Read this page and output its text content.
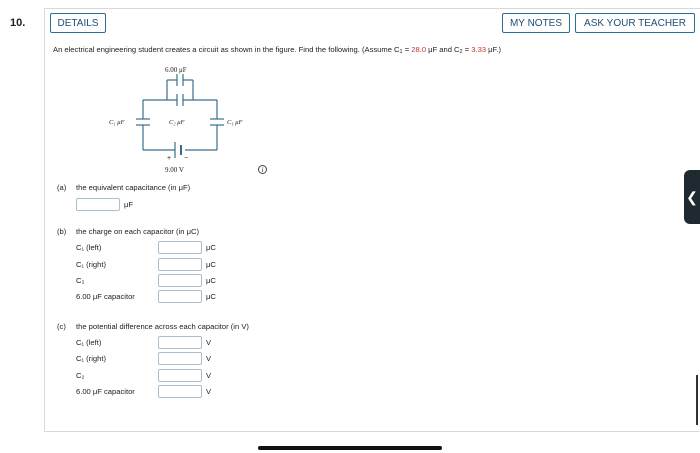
10.	DETAILS	MY NOTES	ASK YOUR TEACHER
An electrical engineering student creates a circuit as shown in the figure. Find the following. (Assume C1 = 28.0 μF and C2 = 3.33 μF.)
6.00 μF
C₁ μF	C₂ μF	C₁ μF
+ −
9.00 V	i
(a) the equivalent capacitance (in μF)
μF
(b) the charge on each capacitor (in μC)
C₁ (left)	μC
C₁ (right)	μC
C₂	μC
6.00 μF capacitor	μC
(c) the potential difference across each capacitor (in V)
C₁ (left)	V
C₁ (right)	V
C₂	V
6.00 μF capacitor	V
❮
